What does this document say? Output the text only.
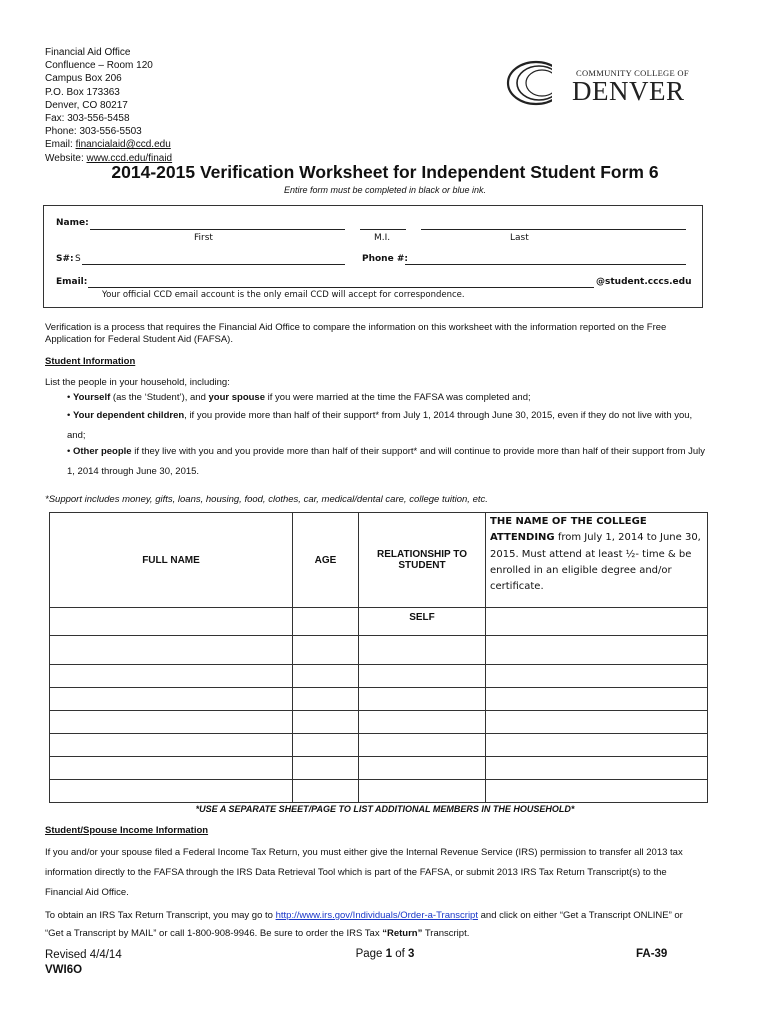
Financial Aid Office
Confluence – Room 120
Campus Box 206
P.O. Box 173363
Denver, CO 80217
Fax: 303-556-5458
Phone: 303-556-5503
Email: financialaid@ccd.edu
Website: www.ccd.edu/finaid
COMMUNITY COLLEGE OF
DENVER
2014-2015 Verification Worksheet for Independent Student Form 6
Entire form must be completed in black or blue ink.
Name:
First	M.I.	Last
S#: S	Phone #:
Email:	@student.cccs.edu
Your official CCD email account is the only email CCD will accept for correspondence.
Verification is a process that requires the Financial Aid Office to compare the information on this worksheet with the information reported on the Free Application for Federal Student Aid (FAFSA).
Student Information
List the people in your household, including:
• Yourself (as the ‘Student’), and your spouse if you were married at the time the FAFSA was completed and;
• Your dependent children, if you provide more than half of their support* from July 1, 2014 through June 30, 2015, even if they do not live with you, and;
• Other people if they live with you and you provide more than half of their support* and will continue to provide more than half of their support from July 1, 2014 through June 30, 2015.
*Support includes money, gifts, loans, housing, food, clothes, car, medical/dental care, college tuition, etc.
FULL NAME	AGE	RELATIONSHIP TO STUDENT	THE NAME OF THE COLLEGE ATTENDING from July 1, 2014 to June 30, 2015. Must attend at least ½- time & be enrolled in an eligible degree and/or certificate.
		SELF	

*USE A SEPARATE SHEET/PAGE TO LIST ADDITIONAL MEMBERS IN THE HOUSEHOLD*
Student/Spouse Income Information
If you and/or your spouse filed a Federal Income Tax Return, you must either give the Internal Revenue Service (IRS) permission to transfer all 2013 tax information directly to the FAFSA through the IRS Data Retrieval Tool which is part of the FAFSA, or submit 2013 IRS Tax Return Transcript(s) to the Financial Aid Office.
To obtain an IRS Tax Return Transcript, you may go to http://www.irs.gov/Individuals/Order-a-Transcript and click on either “Get a Transcript ONLINE” or “Get a Transcript by MAIL” or call 1-800-908-9946. Be sure to order the IRS Tax “Return” Transcript.
Revised 4/4/14
VWI6O
Page 1 of 3	FA-39
